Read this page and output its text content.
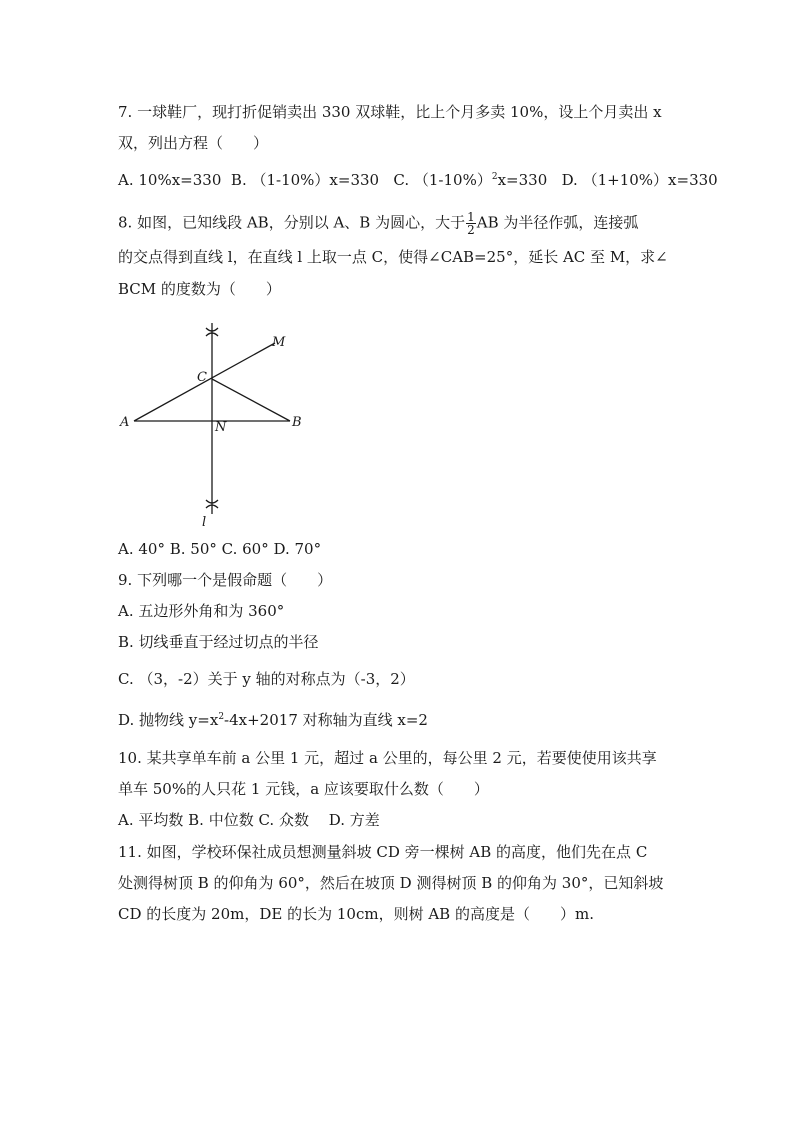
7. 一球鞋厂，现打折促销卖出 330 双球鞋，比上个月多卖 10%，设上个月卖出 x
双，列出方程（　　）
A. 10%x=330 B. （1-10%）x=330 C. $(1-10\%)^2x=330$ D. （1+10%）x=330
8. 如图，已知线段 AB，分别以 A、B 为圆心，大于 $\frac{1}{2}$ AB 为半径作弧，连接弧
的交点得到直线 l，在直线 l 上取一点 C，使得∠CAB=25°，延长 AC 至 M，求∠
BCM 的度数为（　　）
M
C
A	N	B
l
A. 40° B. 50° C. 60° D. 70°
9. 下列哪一个是假命题（　　）
A. 五边形外角和为 360°
B. 切线垂直于经过切点的半径
C. （3，-2）关于 y 轴的对称点为（-3，2）
D. 抛物线 $y=x^2-4x+2017$ 对称轴为直线 x=2
10. 某共享单车前 a 公里 1 元，超过 a 公里的，每公里 2 元，若要使使用该共享
单车 50%的人只花 1 元钱，a 应该要取什么数（　　）
A. 平均数 B. 中位数 C. 众数　 D. 方差
11. 如图，学校环保社成员想测量斜坡 CD 旁一棵树 AB 的高度，他们先在点 C
处测得树顶 B 的仰角为 60°，然后在坡顶 D 测得树顶 B 的仰角为 30°，已知斜坡
CD 的长度为 20m，DE 的长为 10cm，则树 AB 的高度是（　　）m.
